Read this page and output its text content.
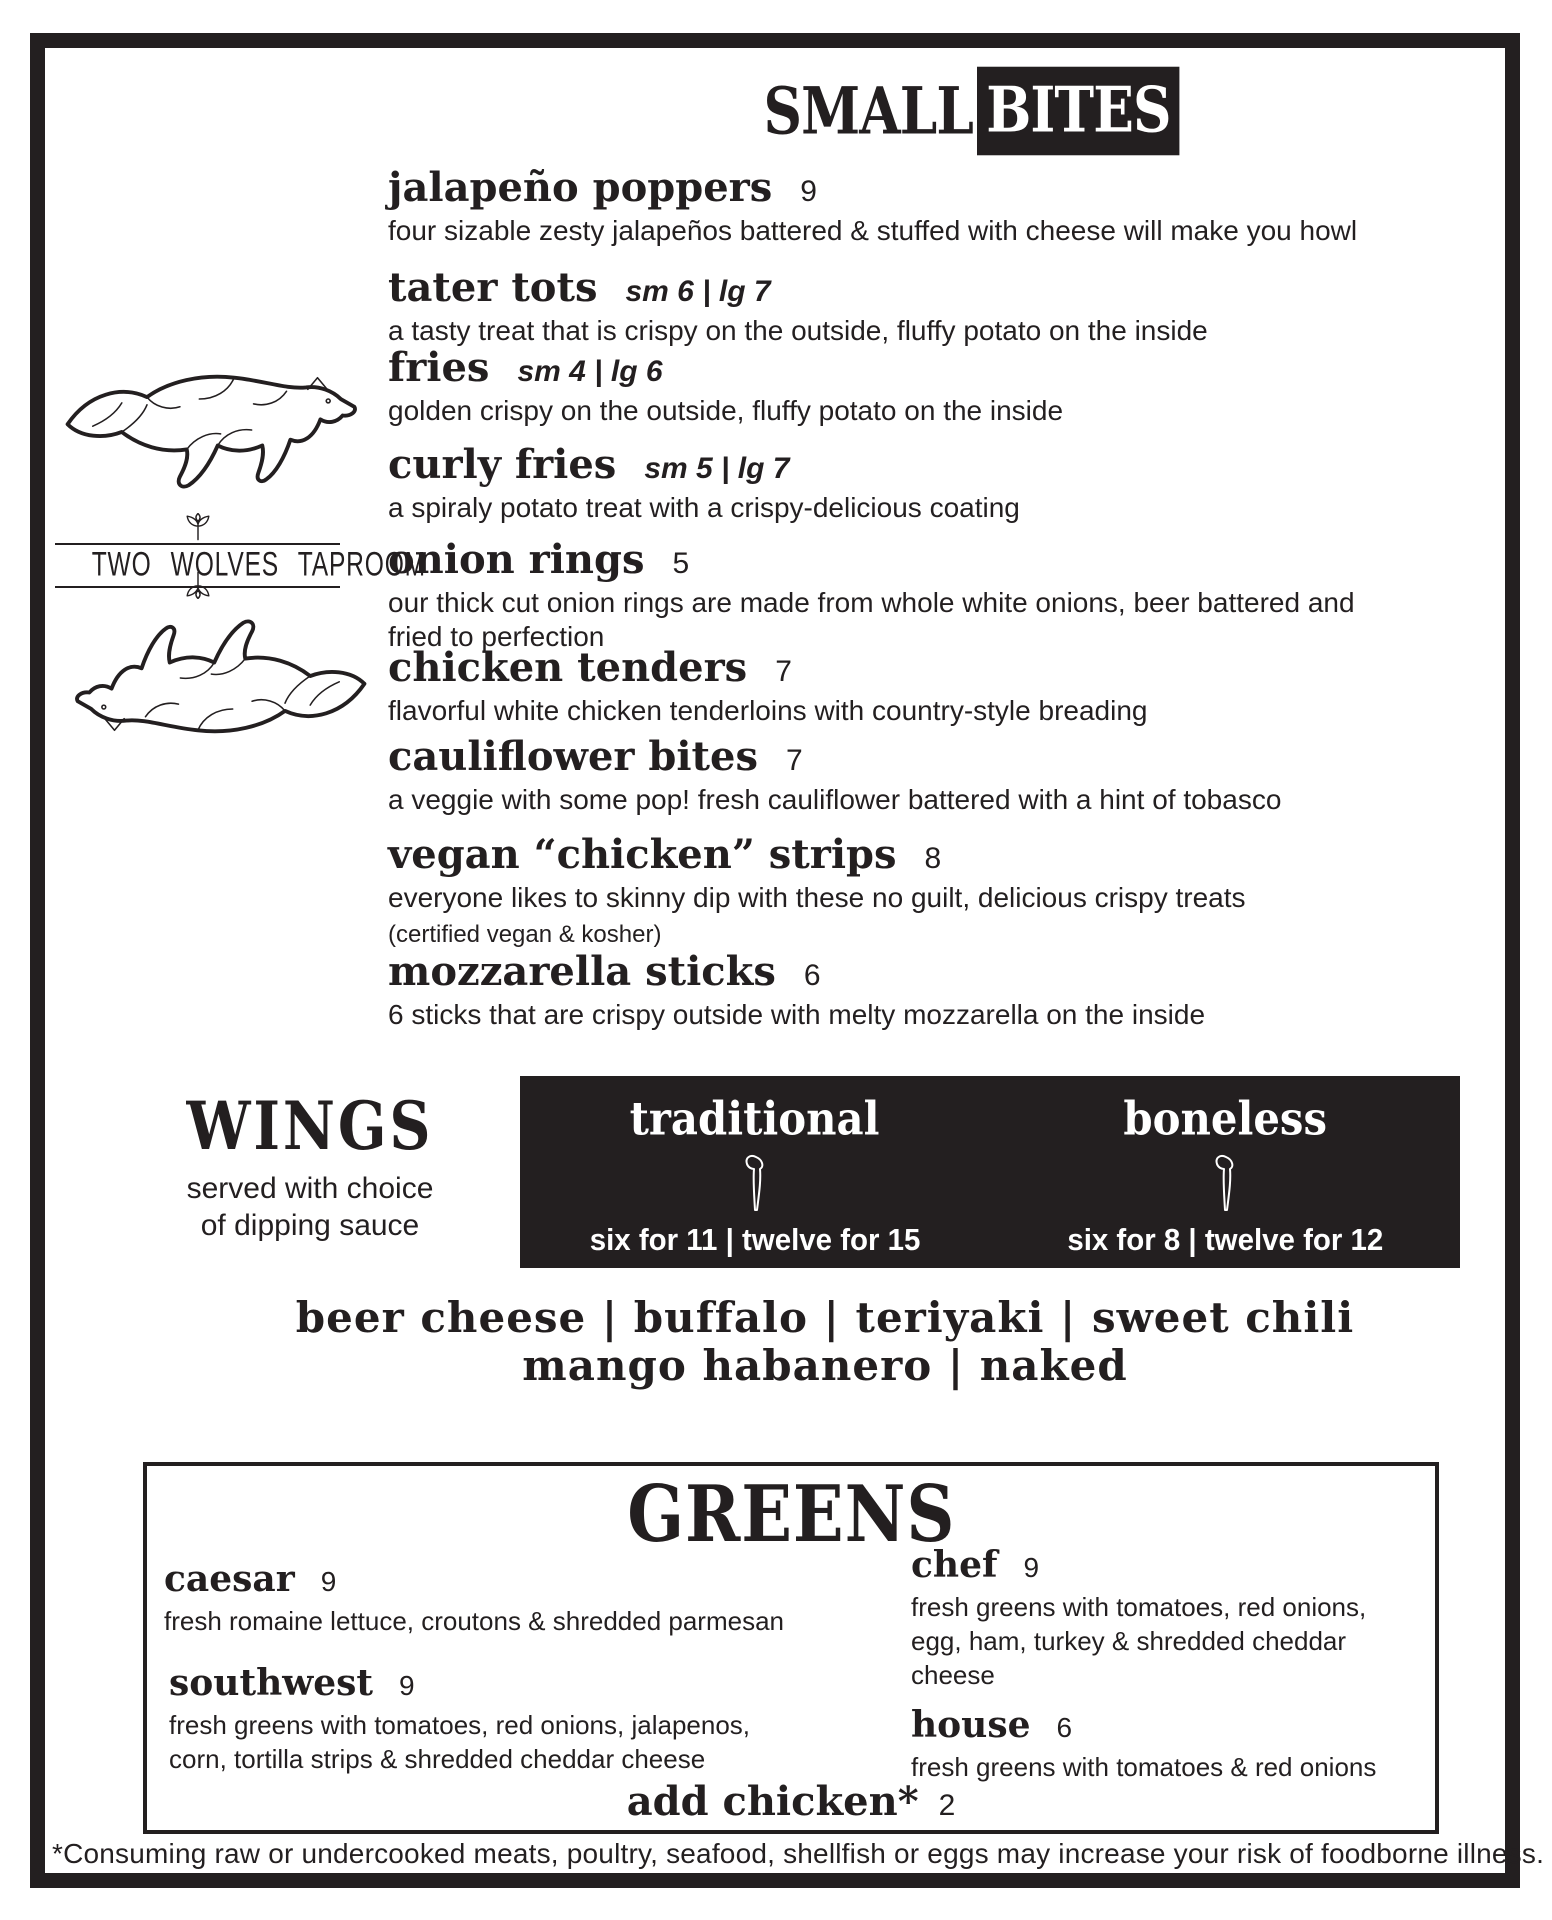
SMALL BITES
TWO WOLVES TAPROOM
jalapeño poppers 9
four sizable zesty jalapeños battered & stuffed with cheese will make you howl
tater tots sm 6 | lg 7
a tasty treat that is crispy on the outside, fluffy potato on the inside
fries sm 4 | lg 6
golden crispy on the outside, fluffy potato on the inside
curly fries sm 5 | lg 7
a spiraly potato treat with a crispy-delicious coating
onion rings 5
our thick cut onion rings are made from whole white onions, beer battered and fried to perfection
chicken tenders 7
flavorful white chicken tenderloins with country-style breading
cauliflower bites 7
a veggie with some pop! fresh cauliflower battered with a hint of tobasco
vegan “chicken” strips 8
everyone likes to skinny dip with these no guilt, delicious crispy treats
(certified vegan & kosher)
mozzarella sticks 6
6 sticks that are crispy outside with melty mozzarella on the inside
WINGS
served with choice
of dipping sauce
traditional
six for 11 | twelve for 15
boneless
six for 8 | twelve for 12
beer cheese | buffalo | teriyaki | sweet chili
mango habanero | naked
GREENS
caesar 9
fresh romaine lettuce, croutons & shredded parmesan
southwest 9
fresh greens with tomatoes, red onions, jalapenos, corn, tortilla strips & shredded cheddar cheese
chef 9
fresh greens with tomatoes, red onions, egg, ham, turkey & shredded cheddar cheese
house 6
fresh greens with tomatoes & red onions
add chicken* 2
*Consuming raw or undercooked meats, poultry, seafood, shellfish or eggs may increase your risk of foodborne illness.
